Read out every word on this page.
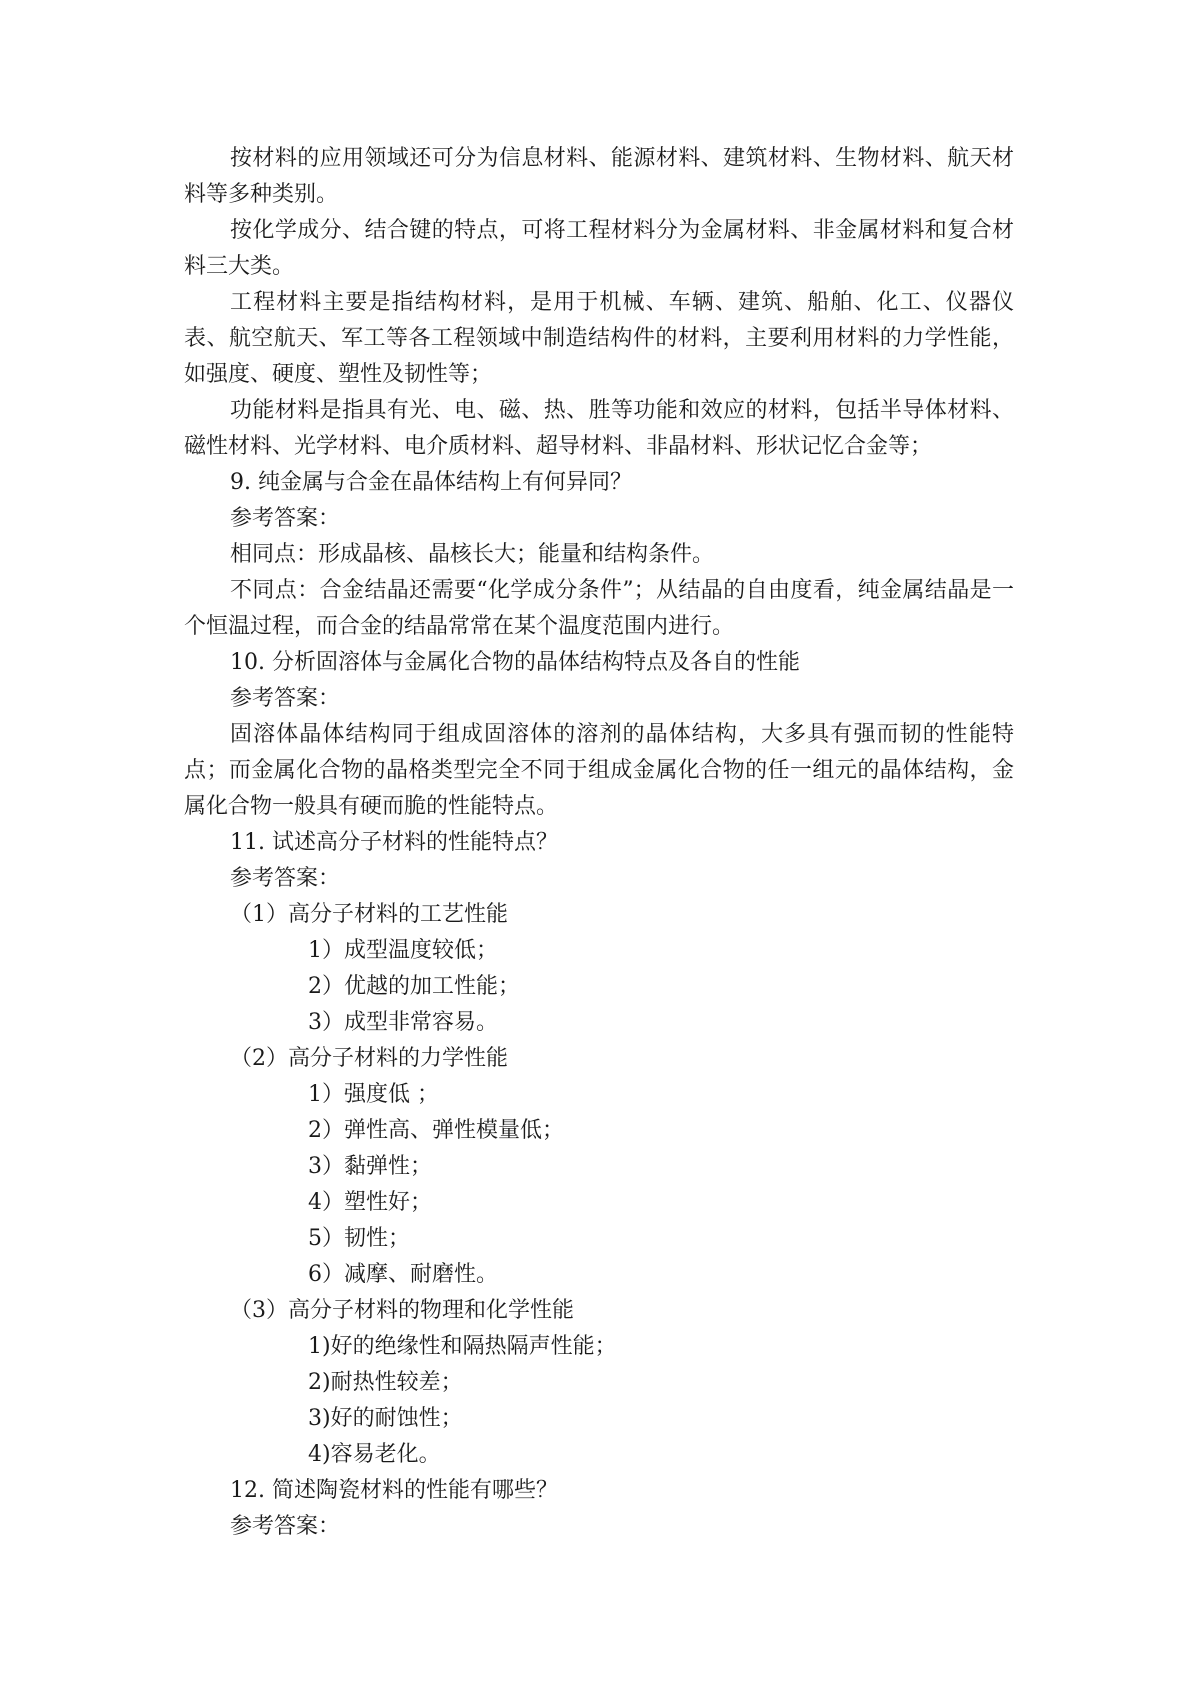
按材料的应用领域还可分为信息材料、能源材料、建筑材料、生物材料、航天材料等多种类别。

按化学成分、结合键的特点，可将工程材料分为金属材料、非金属材料和复合材料三大类。

工程材料主要是指结构材料，是用于机械、车辆、建筑、船舶、化工、仪器仪表、航空航天、军工等各工程领域中制造结构件的材料，主要利用材料的力学性能，如强度、硬度、塑性及韧性等；

功能材料是指具有光、电、磁、热、胜等功能和效应的材料，包括半导体材料、磁性材料、光学材料、电介质材料、超导材料、非晶材料、形状记忆合金等；

9. 纯金属与合金在晶体结构上有何异同？

参考答案：

相同点：形成晶核、晶核长大；能量和结构条件。

不同点：合金结晶还需要“化学成分条件”；从结晶的自由度看，纯金属结晶是一个恒温过程，而合金的结晶常常在某个温度范围内进行。

10. 分析固溶体与金属化合物的晶体结构特点及各自的性能

参考答案：

固溶体晶体结构同于组成固溶体的溶剂的晶体结构，大多具有强而韧的性能特点；而金属化合物的晶格类型完全不同于组成金属化合物的任一组元的晶体结构，金属化合物一般具有硬而脆的性能特点。

11. 试述高分子材料的性能特点？

参考答案：

（1）高分子材料的工艺性能

1）成型温度较低；

2）优越的加工性能；

3）成型非常容易。

（2）高分子材料的力学性能

1）强度低 ；

2）弹性高、弹性模量低；

3）黏弹性；

4）塑性好；

5）韧性；

6）减摩、耐磨性。

（3）高分子材料的物理和化学性能

1)好的绝缘性和隔热隔声性能；

2)耐热性较差；

3)好的耐蚀性；

4)容易老化。

12. 简述陶瓷材料的性能有哪些？

参考答案：
